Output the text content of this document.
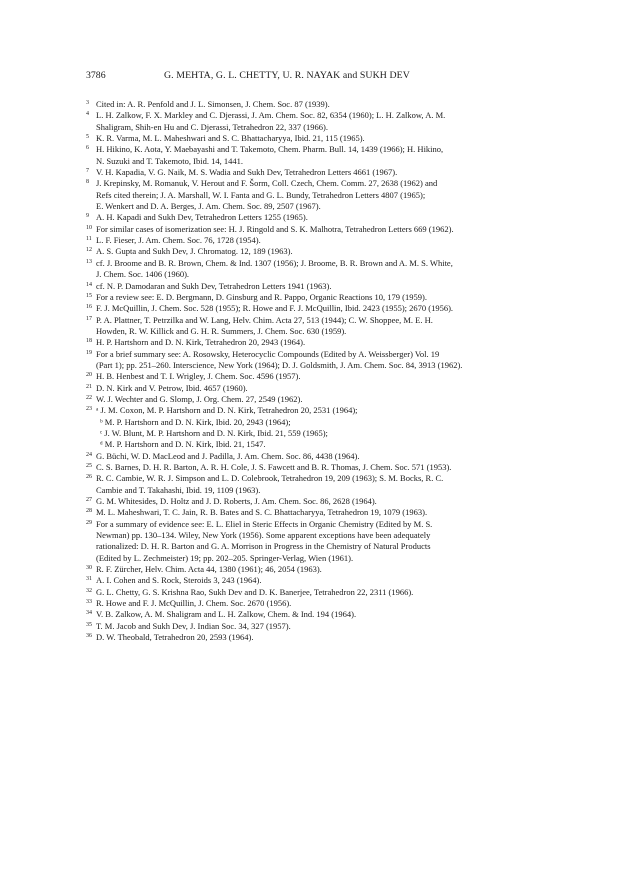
3786	G. MEHTA, G. L. CHETTY, U. R. NAYAK and SUKH DEV
3 Cited in: A. R. Penfold and J. L. Simonsen, J. Chem. Soc. 87 (1939).
4 L. H. Zalkow, F. X. Markley and C. Djerassi, J. Am. Chem. Soc. 82, 6354 (1960); L. H. Zalkow, A. M.
Shaligram, Shih-en Hu and C. Djerassi, Tetrahedron 22, 337 (1966).
5 K. R. Varma, M. L. Maheshwari and S. C. Bhattacharyya, Ibid. 21, 115 (1965).
6 H. Hikino, K. Aota, Y. Maebayashi and T. Takemoto, Chem. Pharm. Bull. 14, 1439 (1966); H. Hikino,
N. Suzuki and T. Takemoto, Ibid. 14, 1441.
7 V. H. Kapadia, V. G. Naik, M. S. Wadia and Sukh Dev, Tetrahedron Letters 4661 (1967).
8 J. Krepinsky, M. Romanuk, V. Herout and F. Šorm, Coll. Czech, Chem. Comm. 27, 2638 (1962) and
Refs cited therein; J. A. Marshall, W. I. Fanta and G. L. Bundy, Tetrahedron Letters 4807 (1965);
E. Wenkert and D. A. Berges, J. Am. Chem. Soc. 89, 2507 (1967).
9 A. H. Kapadi and Sukh Dev, Tetrahedron Letters 1255 (1965).
10 For similar cases of isomerization see: H. J. Ringold and S. K. Malhotra, Tetrahedron Letters 669 (1962).
11 L. F. Fieser, J. Am. Chem. Soc. 76, 1728 (1954).
12 A. S. Gupta and Sukh Dev, J. Chromatog. 12, 189 (1963).
13 cf. J. Broome and B. R. Brown, Chem. & Ind. 1307 (1956); J. Broome, B. R. Brown and A. M. S. White,
J. Chem. Soc. 1406 (1960).
14 cf. N. P. Damodaran and Sukh Dev, Tetrahedron Letters 1941 (1963).
15 For a review see: E. D. Bergmann, D. Ginsburg and R. Pappo, Organic Reactions 10, 179 (1959).
16 F. J. McQuillin, J. Chem. Soc. 528 (1955); R. Howe and F. J. McQuillin, Ibid. 2423 (1955); 2670 (1956).
17 P. A. Plattner, T. Petrzilka and W. Lang, Helv. Chim. Acta 27, 513 (1944); C. W. Shoppee, M. E. H.
Howden, R. W. Killick and G. H. R. Summers, J. Chem. Soc. 630 (1959).
18 H. P. Hartshorn and D. N. Kirk, Tetrahedron 20, 2943 (1964).
19 For a brief summary see: A. Rosowsky, Heterocyclic Compounds (Edited by A. Weissberger) Vol. 19
(Part 1); pp. 251–260. Interscience, New York (1964); D. J. Goldsmith, J. Am. Chem. Soc. 84, 3913 (1962).
20 H. B. Henbest and T. I. Wrigley, J. Chem. Soc. 4596 (1957).
21 D. N. Kirk and V. Petrow, Ibid. 4657 (1960).
22 W. J. Wechter and G. Slomp, J. Org. Chem. 27, 2549 (1962).
23 ᵃ J. M. Coxon, M. P. Hartshorn and D. N. Kirk, Tetrahedron 20, 2531 (1964);
ᵇ M. P. Hartshorn and D. N. Kirk, Ibid. 20, 2943 (1964);
ᶜ J. W. Blunt, M. P. Hartshorn and D. N. Kirk, Ibid. 21, 559 (1965);
ᵈ M. P. Hartshorn and D. N. Kirk, Ibid. 21, 1547.
24 G. Büchi, W. D. MacLeod and J. Padilla, J. Am. Chem. Soc. 86, 4438 (1964).
25 C. S. Barnes, D. H. R. Barton, A. R. H. Cole, J. S. Fawcett and B. R. Thomas, J. Chem. Soc. 571 (1953).
26 R. C. Cambie, W. R. J. Simpson and L. D. Colebrook, Tetrahedron 19, 209 (1963); S. M. Bocks, R. C.
Cambie and T. Takahashi, Ibid. 19, 1109 (1963).
27 G. M. Whitesides, D. Holtz and J. D. Roberts, J. Am. Chem. Soc. 86, 2628 (1964).
28 M. L. Maheshwari, T. C. Jain, R. B. Bates and S. C. Bhattacharyya, Tetrahedron 19, 1079 (1963).
29 For a summary of evidence see: E. L. Eliel in Steric Effects in Organic Chemistry (Edited by M. S.
Newman) pp. 130–134. Wiley, New York (1956). Some apparent exceptions have been adequately
rationalized: D. H. R. Barton and G. A. Morrison in Progress in the Chemistry of Natural Products
(Edited by L. Zechmeister) 19; pp. 202–205. Springer-Verlag, Wien (1961).
30 R. F. Zürcher, Helv. Chim. Acta 44, 1380 (1961); 46, 2054 (1963).
31 A. I. Cohen and S. Rock, Steroids 3, 243 (1964).
32 G. L. Chetty, G. S. Krishna Rao, Sukh Dev and D. K. Banerjee, Tetrahedron 22, 2311 (1966).
33 R. Howe and F. J. McQuillin, J. Chem. Soc. 2670 (1956).
34 V. B. Zalkow, A. M. Shaligram and L. H. Zalkow, Chem. & Ind. 194 (1964).
35 T. M. Jacob and Sukh Dev, J. Indian Soc. 34, 327 (1957).
36 D. W. Theobald, Tetrahedron 20, 2593 (1964).
